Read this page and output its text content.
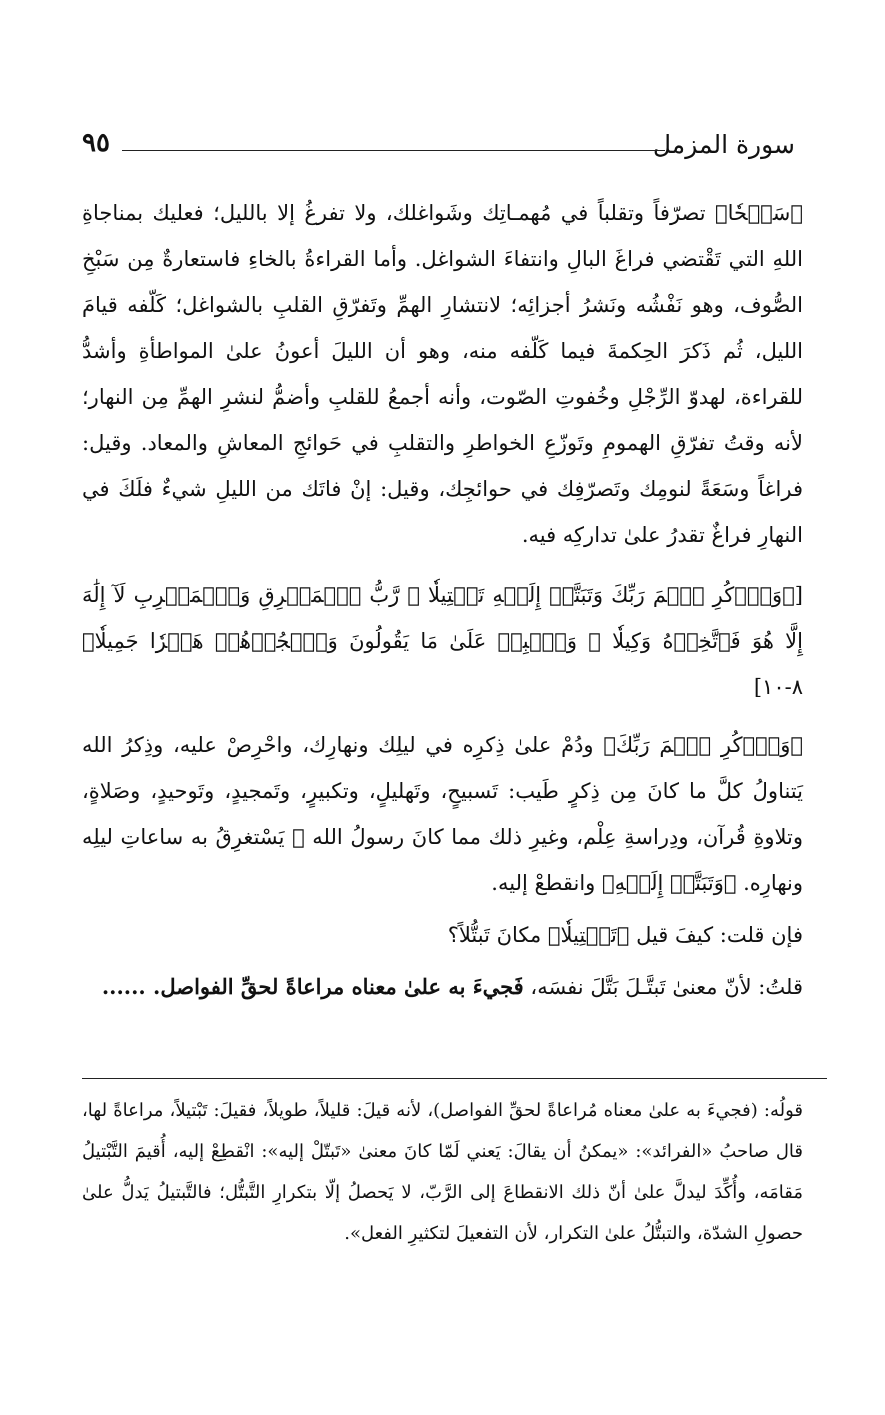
سورة المزمل
٩٥

﴿سَبۡحٗا﴾ تصرّفاً وتقلباً في مُهمـاتِك وشَواغلك، ولا تفرغُ إلا بالليل؛ فعليك بمناجاةِ اللهِ التي تَقْتضي فراغَ البالِ وانتفاءَ الشواغل. وأما القراءةُ بالخاءِ فاستعارةٌ مِن سَبْخِ الصُّوف، وهو نَفْشُه ونَشرُ أجزائِه؛ لانتشارِ الهمِّ وتَفرّقِ القلبِ بالشواغل؛ كَلّفه قيامَ الليل، ثُم ذَكرَ الحِكمةَ فيما كَلّفه منه، وهو أن الليلَ أعونُ علىٰ المواطأةِ وأشدُّ للقراءة، لهدوّ الرِّجْلِ وخُفوتِ الصّوت، وأنه أجمعُ للقلبِ وأضمُّ لنشرِ الهمِّ مِن النهار؛ لأنه وقتُ تفرّقِ الهمومِ وتَوزّعِ الخواطرِ والتقلبِ في حَوائجِ المعاشِ والمعاد. وقيل: فراغاً وسَعَةً لنومِك وتَصرّفِك في حوائجِك، وقيل: إنْ فاتَك من الليلِ شيءٌ فلَكَ في النهارِ فراغٌ تقدرُ علىٰ تداركِه فيه.

[﴿وَٱذۡكُرِ ٱسۡمَ رَبِّكَ وَتَبَتَّلۡ إِلَيۡهِ تَبۡتِيلٗا ۞ رَّبُّ ٱلۡمَشۡرِقِ وَٱلۡمَغۡرِبِ لَآ إِلَٰهَ إِلَّا هُوَ فَٱتَّخِذۡهُ وَكِيلٗا ۞ وَٱصۡبِرۡ عَلَىٰ مَا يَقُولُونَ وَٱهۡجُرۡهُمۡ هَجۡرٗا جَمِيلٗا﴾ ٨-١٠]

﴿وَٱذۡكُرِ ٱسۡمَ رَبِّكَ﴾ ودُمْ علىٰ ذِكرِه في ليلِك ونهارِك، واحْرِصْ عليه، وذِكرُ الله يَتناولُ كلَّ ما كانَ مِن ذِكرٍ طَيب: تَسبيحٍ، وتَهليلٍ، وتكبيرٍ، وتَمجيدٍ، وتَوحيدٍ، وصَلاةٍ، وتلاوةِ قُرآن، ودِراسةِ عِلْم، وغيرِ ذلك مما كانَ رسولُ الله ﷺ يَسْتغرِقُ به ساعاتِ ليلِه ونهارِه. ﴿وَتَبَتَّلۡ إِلَيۡهِ﴾ وانقطعْ إليه.

فإن قلت: كيفَ قيل ﴿تَبۡتِيلٗا﴾ مكانَ تَبتُّلاً؟

قلتُ: لأنّ معنىٰ تَبتَّـلَ بَتَّلَ نفسَه، فَجيءَ به علىٰ معناه مراعاةً لحقِّ الفواصل. ......

قولُه: (فجيءَ به علىٰ معناه مُراعاةً لحقِّ الفواصل)، لأنه قيلَ: قليلاً، طويلاً، فقيلَ: تَبْتيلاً، مراعاةً لها، قال صاحبُ «الفرائد»: «يمكنُ أن يقالَ: يَعني لَمّا كانَ معنىٰ «تَبتّلْ إليه»: انْقطِعْ إليه، أُقيمَ التَّبْتيلُ مَقامَه، وأُكِّدَ ليدلَّ علىٰ أنّ ذلك الانقطاعَ إلى الرَّبّ، لا يَحصلُ إلّا بتكرارِ التَّبتُّل؛ فالتَّبتيلُ يَدلُّ علىٰ حصولِ الشدّة، والتبتُّلُ علىٰ التكرار، لأن التفعيلَ لتكثيرِ الفعل».
